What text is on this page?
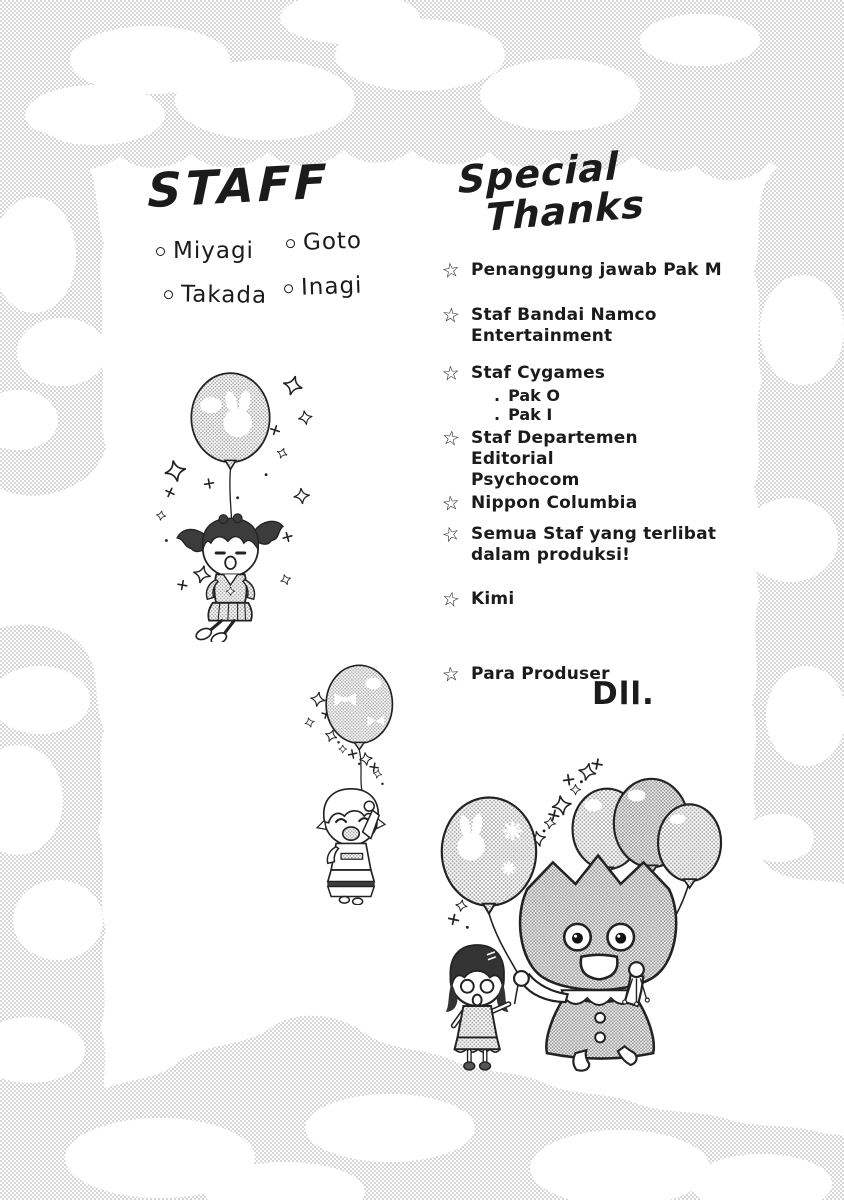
STAFF
Miyagi Goto
Takada Inagi
Special
Thanks
☆ Penanggung jawab Pak M
☆ Staf Bandai Namco
Entertainment
☆ Staf Cygames
. Pak O
. Pak I
☆ Staf Departemen Editorial
Psychocom
☆ Nippon Columbia
☆ Semua Staf yang terlibat
dalam produksi!
☆ Kimi
☆ Para Produser
Dll.
